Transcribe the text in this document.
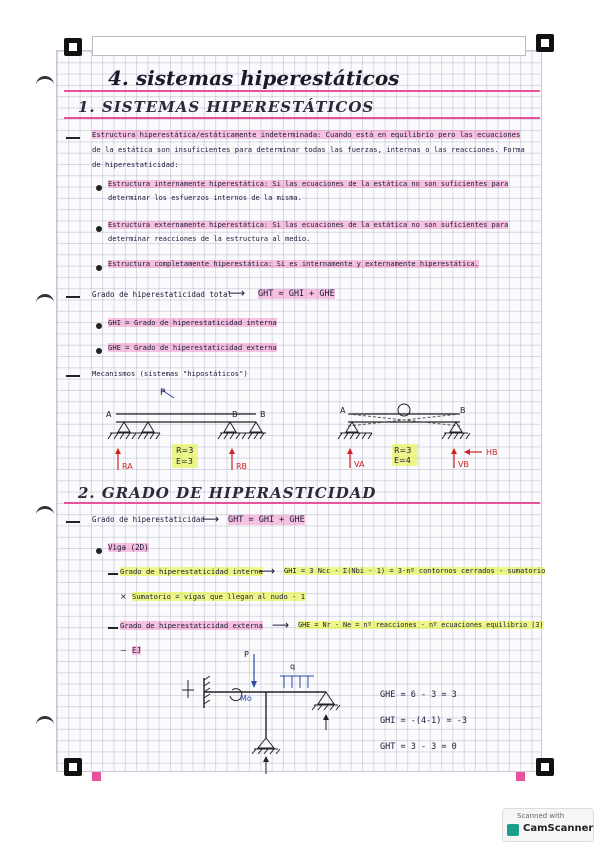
4. sistemas hiperestáticos
1. SISTEMAS HIPERESTÁTICOS
Estructura hiperestática/estáticamente indeterminada: Cuando está en equilibrio pero las ecuaciones
de la estática son insuficientes para determinar todas las fuerzas, internas o las reacciones. Forma
de hiperestaticidad:
Estructura internamente hiperestática: Si las ecuaciones de la estática no son suficientes para
determinar los esfuerzos internos de la misma.
Estructura externamente hiperestática: Si las ecuaciones de la estática no son suficientes para
determinar reacciones de la estructura al medio.
Estructura completamente hiperestática: Si es internamente y externamente hiperestática.
Grado de hiperestaticidad total
⟶ GHT = GHI + GHE
GHI = Grado de hiperestaticidad interna
GHE = Grado de hiperestaticidad externa
Mecanismos (sistemas "hipostáticos")
P
A	B	B
R=3
E=3
RA	RB
A	B
R=3
E=4
VA	VB
HB
2. GRADO DE HIPERASTICIDAD
Grado de hiperestaticidad
⟶ GHT = GHI + GHE
Viga (2D)
Grado de hiperestaticidad interna
⟶ GHI = 3 Ncc - Σ(Nbi - 1) = 3·nº contornos cerrados - sumatorio
× Sumatorio = vigas que llegan al nudo - 1
Grado de hiperestaticidad externa ⟶ GHE = Nr - Ne = nº reacciones - nº ecuaciones equilibrio (3)
~ EJ	P
q
Mo	GHE = 6 - 3 = 3
GHI = -(4-1) = -3
GHT = 3 - 3 = 0
Scanned with
CamScanner
